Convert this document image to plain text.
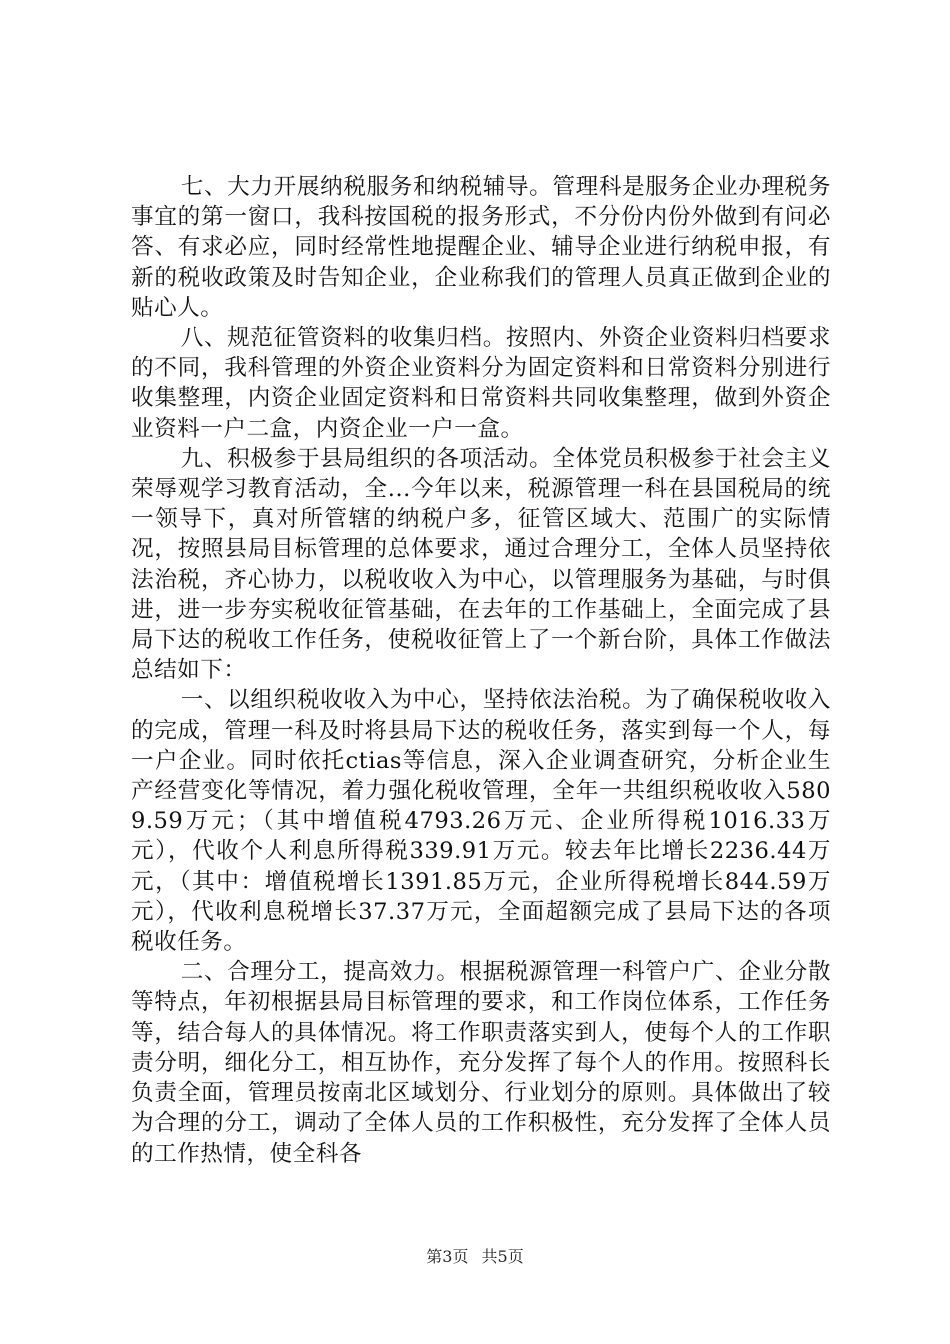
七、大力开展纳税服务和纳税辅导。管理科是服务企业办理税务事宜的第一窗口，我科按国税的报务形式，不分份内份外做到有问必答、有求必应，同时经常性地提醒企业、辅导企业进行纳税申报，有新的税收政策及时告知企业，企业称我们的管理人员真正做到企业的贴心人。

八、规范征管资料的收集归档。按照内、外资企业资料归档要求的不同，我科管理的外资企业资料分为固定资料和日常资料分别进行收集整理，内资企业固定资料和日常资料共同收集整理，做到外资企业资料一户二盒，内资企业一户一盒。

九、积极参于县局组织的各项活动。全体党员积极参于社会主义荣辱观学习教育活动，全...今年以来，税源管理一科在县国税局的统一领导下，真对所管辖的纳税户多，征管区域大、范围广的实际情况，按照县局目标管理的总体要求，通过合理分工，全体人员坚持依法治税，齐心协力，以税收收入为中心，以管理服务为基础，与时俱进，进一步夯实税收征管基础，在去年的工作基础上，全面完成了县局下达的税收工作任务，使税收征管上了一个新台阶，具体工作做法总结如下：

一、以组织税收收入为中心，坚持依法治税。为了确保税收收入的完成，管理一科及时将县局下达的税收任务，落实到每一个人，每一户企业。同时依托ctias等信息，深入企业调查研究，分析企业生产经营变化等情况，着力强化税收管理，全年一共组织税收收入5809.59万元；（其中增值税4793.26万元、企业所得税1016.33万元），代收个人利息所得税339.91万元。较去年比增长2236.44万元，（其中：增值税增长1391.85万元，企业所得税增长844.59万元），代收利息税增长37.37万元，全面超额完成了县局下达的各项税收任务。

二、合理分工，提高效力。根据税源管理一科管户广、企业分散等特点，年初根据县局目标管理的要求，和工作岗位体系，工作任务等，结合每人的具体情况。将工作职责落实到人，使每个人的工作职责分明，细化分工，相互协作，充分发挥了每个人的作用。按照科长负责全面，管理员按南北区域划分、行业划分的原则。具体做出了较为合理的分工，调动了全体人员的工作积极性，充分发挥了全体人员的工作热情，使全科各

第3页 共5页
